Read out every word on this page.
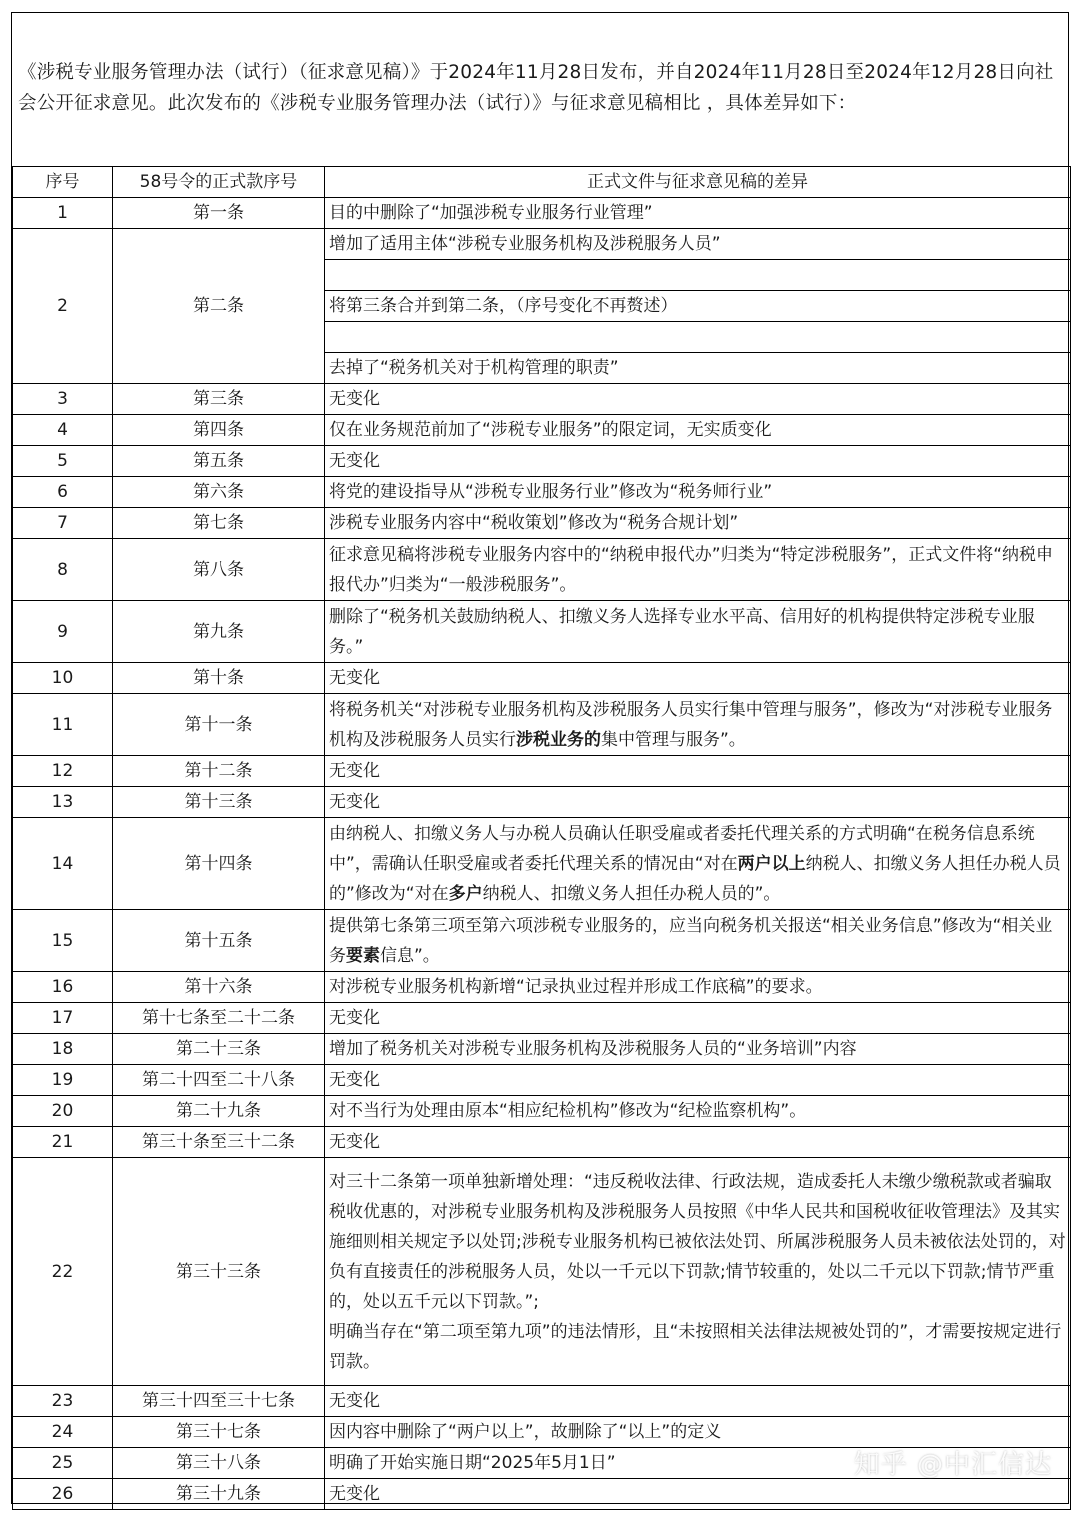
《涉税专业服务管理办法（试行）（征求意见稿）》于2024年11月28日发布，并自2024年11月28日至2024年12月28日向社会公开征求意见。此次发布的《涉税专业服务管理办法（试行）》与征求意见稿相比 ，具体差异如下：
序号	58号令的正式款序号	正式文件与征求意见稿的差异
1	第一条	目的中删除了“加强涉税专业服务行业管理”
2	第二条	增加了适用主体“涉税专业服务机构及涉税服务人员”

		将第三条合并到第二条，（序号变化不再赘述）

		去掉了“税务机关对于机构管理的职责”
3	第三条	无变化
4	第四条	仅在业务规范前加了“涉税专业服务”的限定词，无实质变化
5	第五条	无变化
6	第六条	将党的建设指导从“涉税专业服务行业”修改为“税务师行业”
7	第七条	涉税专业服务内容中“税收策划”修改为“税务合规计划”
8	第八条	征求意见稿将涉税专业服务内容中的“纳税申报代办”归类为“特定涉税服务”，正式文件将“纳税申报代办”归类为“一般涉税服务”。
9	第九条	删除了“税务机关鼓励纳税人、扣缴义务人选择专业水平高、信用好的机构提供特定涉税专业服务。”
10	第十条	无变化
11	第十一条	将税务机关“对涉税专业服务机构及涉税服务人员实行集中管理与服务”，修改为“对涉税专业服务机构及涉税服务人员实行涉税业务的集中管理与服务”。
12	第十二条	无变化
13	第十三条	无变化
14	第十四条	由纳税人、扣缴义务人与办税人员确认任职受雇或者委托代理关系的方式明确“在税务信息系统中”，需确认任职受雇或者委托代理关系的情况由“对在两户以上纳税人、扣缴义务人担任办税人员的”修改为“对在多户纳税人、扣缴义务人担任办税人员的”。
15	第十五条	提供第七条第三项至第六项涉税专业服务的，应当向税务机关报送“相关业务信息”修改为“相关业务要素信息”。
16	第十六条	对涉税专业服务机构新增“记录执业过程并形成工作底稿”的要求。
17	第十七条至二十二条	无变化
18	第二十三条	增加了税务机关对涉税专业服务机构及涉税服务人员的“业务培训”内容
19	第二十四至二十八条	无变化
20	第二十九条	对不当行为处理由原本“相应纪检机构”修改为“纪检监察机构”。
21	第三十条至三十二条	无变化
22	第三十三条	对三十二条第一项单独新增处理：“违反税收法律、行政法规，造成委托人未缴少缴税款或者骗取税收优惠的，对涉税专业服务机构及涉税服务人员按照《中华人民共和国税收征收管理法》及其实施细则相关规定予以处罚;涉税专业服务机构已被依法处罚、所属涉税服务人员未被依法处罚的，对负有直接责任的涉税服务人员，处以一千元以下罚款;情节较重的，处以二千元以下罚款;情节严重的，处以五千元以下罚款。”;
明确当存在“第二项至第九项”的违法情形，且“未按照相关法律法规被处罚的”，才需要按规定进行罚款。

23	第三十四至三十七条	无变化
24	第三十七条	因内容中删除了“两户以上”，故删除了“以上”的定义
25	第三十八条	明确了开始实施日期“2025年5月1日”
26	第三十九条	无变化
知乎 @中汇信达
